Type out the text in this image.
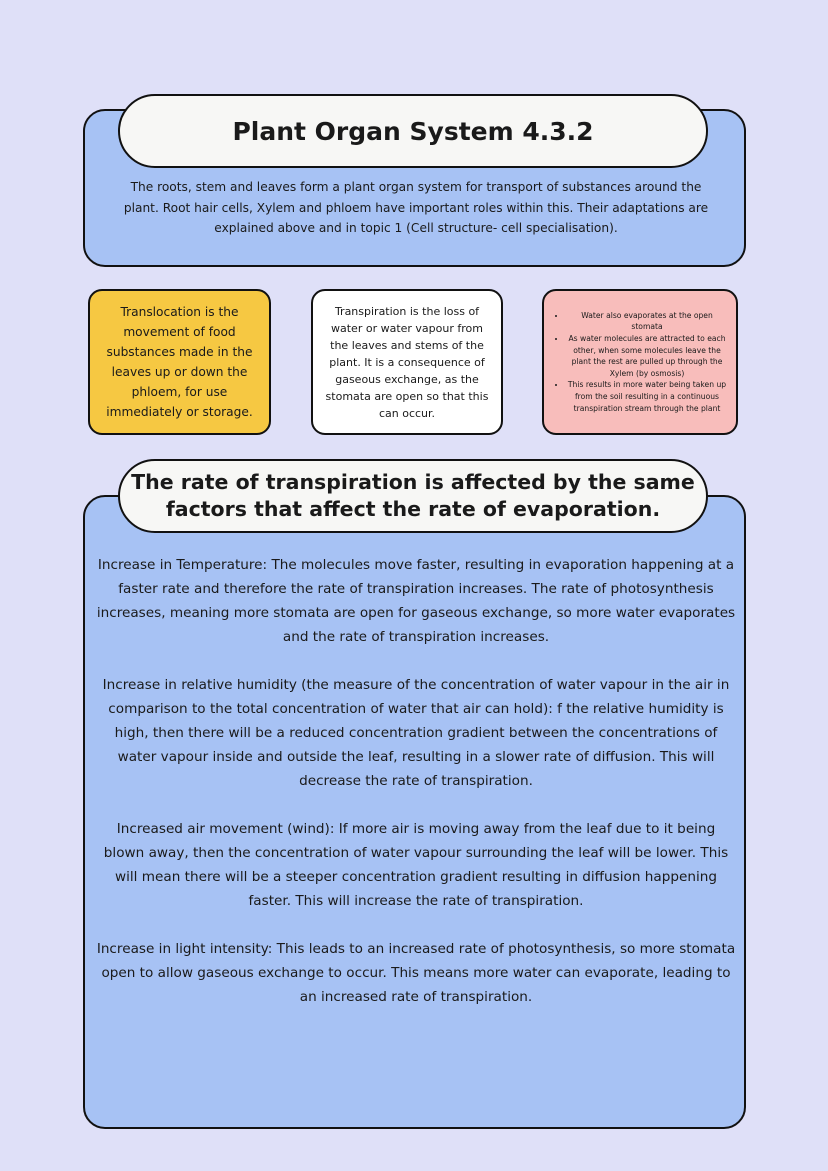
Plant Organ System 4.3.2
The roots, stem and leaves form a plant organ system for transport of substances around the plant. Root hair cells, Xylem and phloem have important roles within this. Their adaptations are explained above and in topic 1 (Cell structure- cell specialisation).
Translocation is the movement of food substances made in the leaves up or down the phloem, for use immediately or storage.
Transpiration is the loss of water or water vapour from the leaves and stems of the plant. It is a consequence of gaseous exchange, as the stomata are open so that this can occur.
• Water also evaporates at the open stomata
• As water molecules are attracted to each other, when some molecules leave the plant the rest are pulled up through the Xylem (by osmosis)
• This results in more water being taken up from the soil resulting in a continuous transpiration stream through the plant
The rate of transpiration is affected by the same factors that affect the rate of evaporation.

Increase in Temperature: The molecules move faster, resulting in evaporation happening at a faster rate and therefore the rate of transpiration increases. The rate of photosynthesis increases, meaning more stomata are open for gaseous exchange, so more water evaporates and the rate of transpiration increases.

Increase in relative humidity (the measure of the concentration of water vapour in the air in comparison to the total concentration of water that air can hold): f the relative humidity is high, then there will be a reduced concentration gradient between the concentrations of water vapour inside and outside the leaf, resulting in a slower rate of diffusion. This will decrease the rate of transpiration.

Increased air movement (wind): If more air is moving away from the leaf due to it being blown away, then the concentration of water vapour surrounding the leaf will be lower. This will mean there will be a steeper concentration gradient resulting in diffusion happening faster. This will increase the rate of transpiration.

Increase in light intensity: This leads to an increased rate of photosynthesis, so more stomata open to allow gaseous exchange to occur. This means more water can evaporate, leading to an increased rate of transpiration.
